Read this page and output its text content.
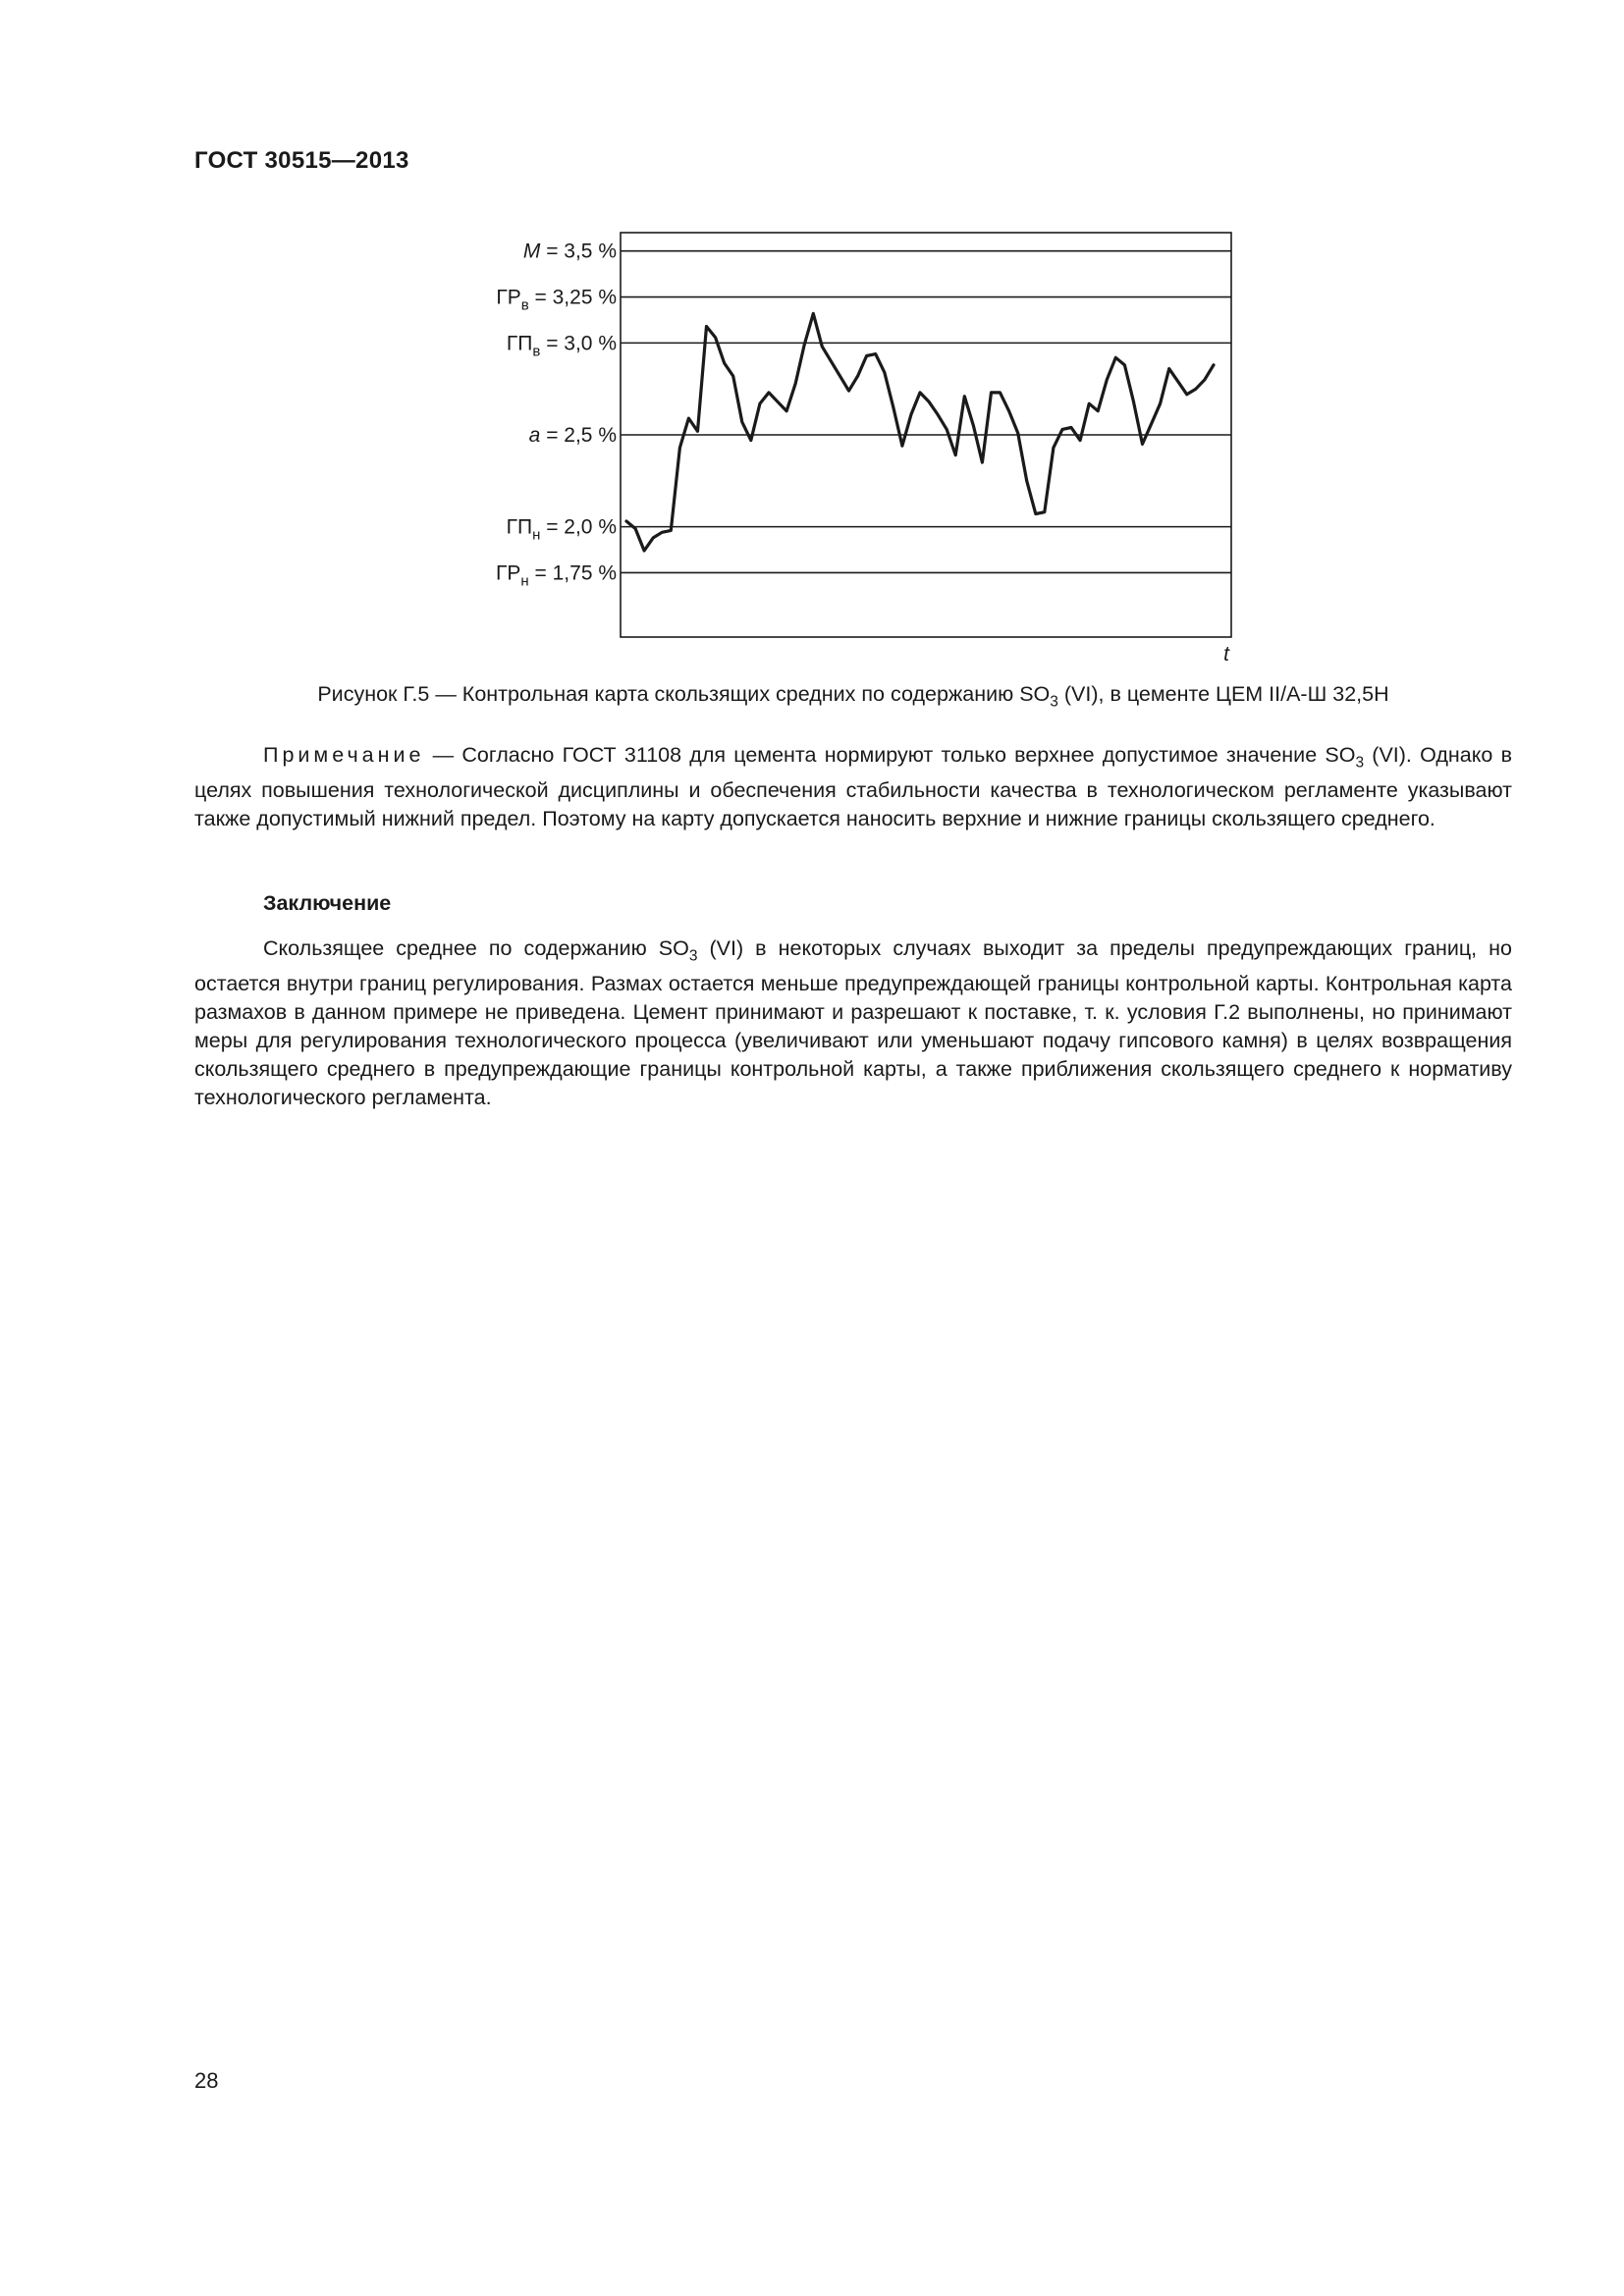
ГОСТ 30515—2013
M = 3,5 %
$ГР_в = 3,25$ %
$ГП_в = 3,0$ %
a = 2,5 %
$ГП_н = 2,0$ %
$ГР_н = 1,75$ %
t
Рисунок Г.5 — Контрольная карта скользящих средних по содержанию $SO_3$ (VI), в цементе ЦЕМ II/А-Ш 32,5Н
Примечание — Согласно ГОСТ 31108 для цемента нормируют только верхнее допустимое значение $SO_3$ (VI). Однако в целях повышения технологической дисциплины и обеспечения стабильности качества в технологическом регламенте указывают также допустимый нижний предел. Поэтому на карту допускается наносить верхние и нижние границы скользящего среднего.
Заключение
Скользящее среднее по содержанию $SO_3$ (VI) в некоторых случаях выходит за пределы предупреждающих границ, но остается внутри границ регулирования. Размах остается меньше предупреждающей границы контрольной карты. Контрольная карта размахов в данном примере не приведена. Цемент принимают и разрешают к поставке, т. к. условия Г.2 выполнены, но принимают меры для регулирования технологического процесса (увеличивают или уменьшают подачу гипсового камня) в целях возвращения скользящего среднего в предупреждающие границы контрольной карты, а также приближения скользящего среднего к нормативу технологического регламента.
28
